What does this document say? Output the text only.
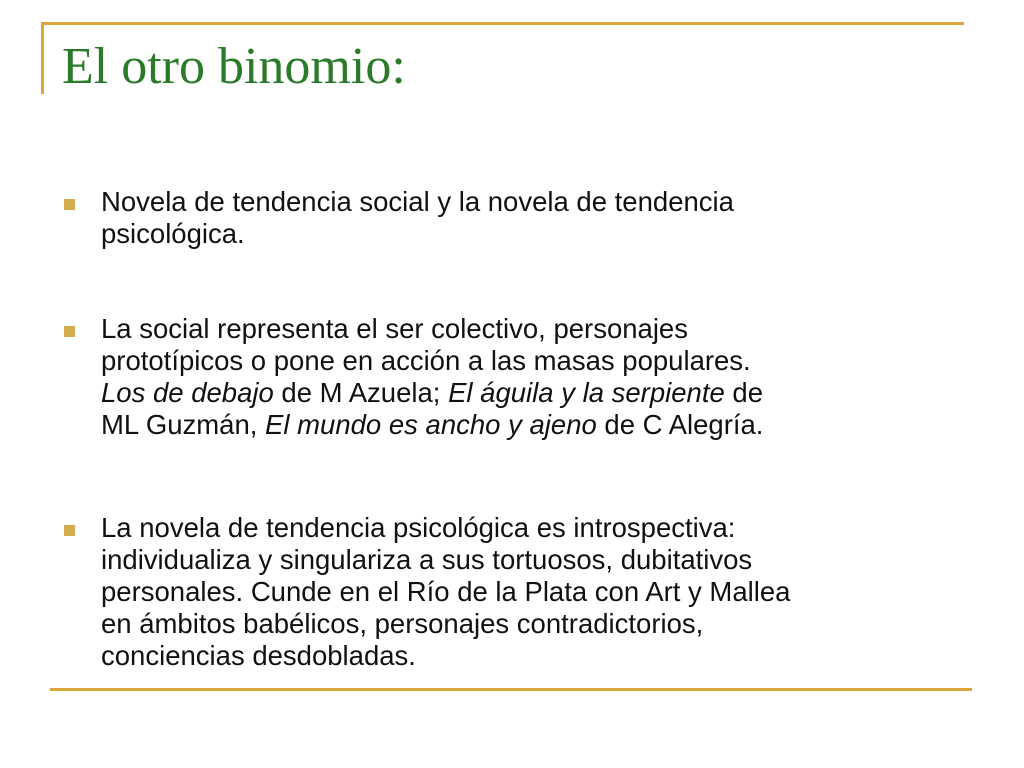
El otro binomio:

Novela de tendencia social y la novela de tendencia
psicológica.

La social representa el ser colectivo, personajes
prototípicos o pone en acción a las masas populares.
Los de debajo de M Azuela; El águila y la serpiente de
ML Guzmán, El mundo es ancho y ajeno de C Alegría.

La novela de tendencia psicológica es introspectiva:
individualiza y singulariza a sus tortuosos, dubitativos
personales. Cunde en el Río de la Plata con Art y Mallea
en ámbitos babélicos, personajes contradictorios,
conciencias desdobladas.
